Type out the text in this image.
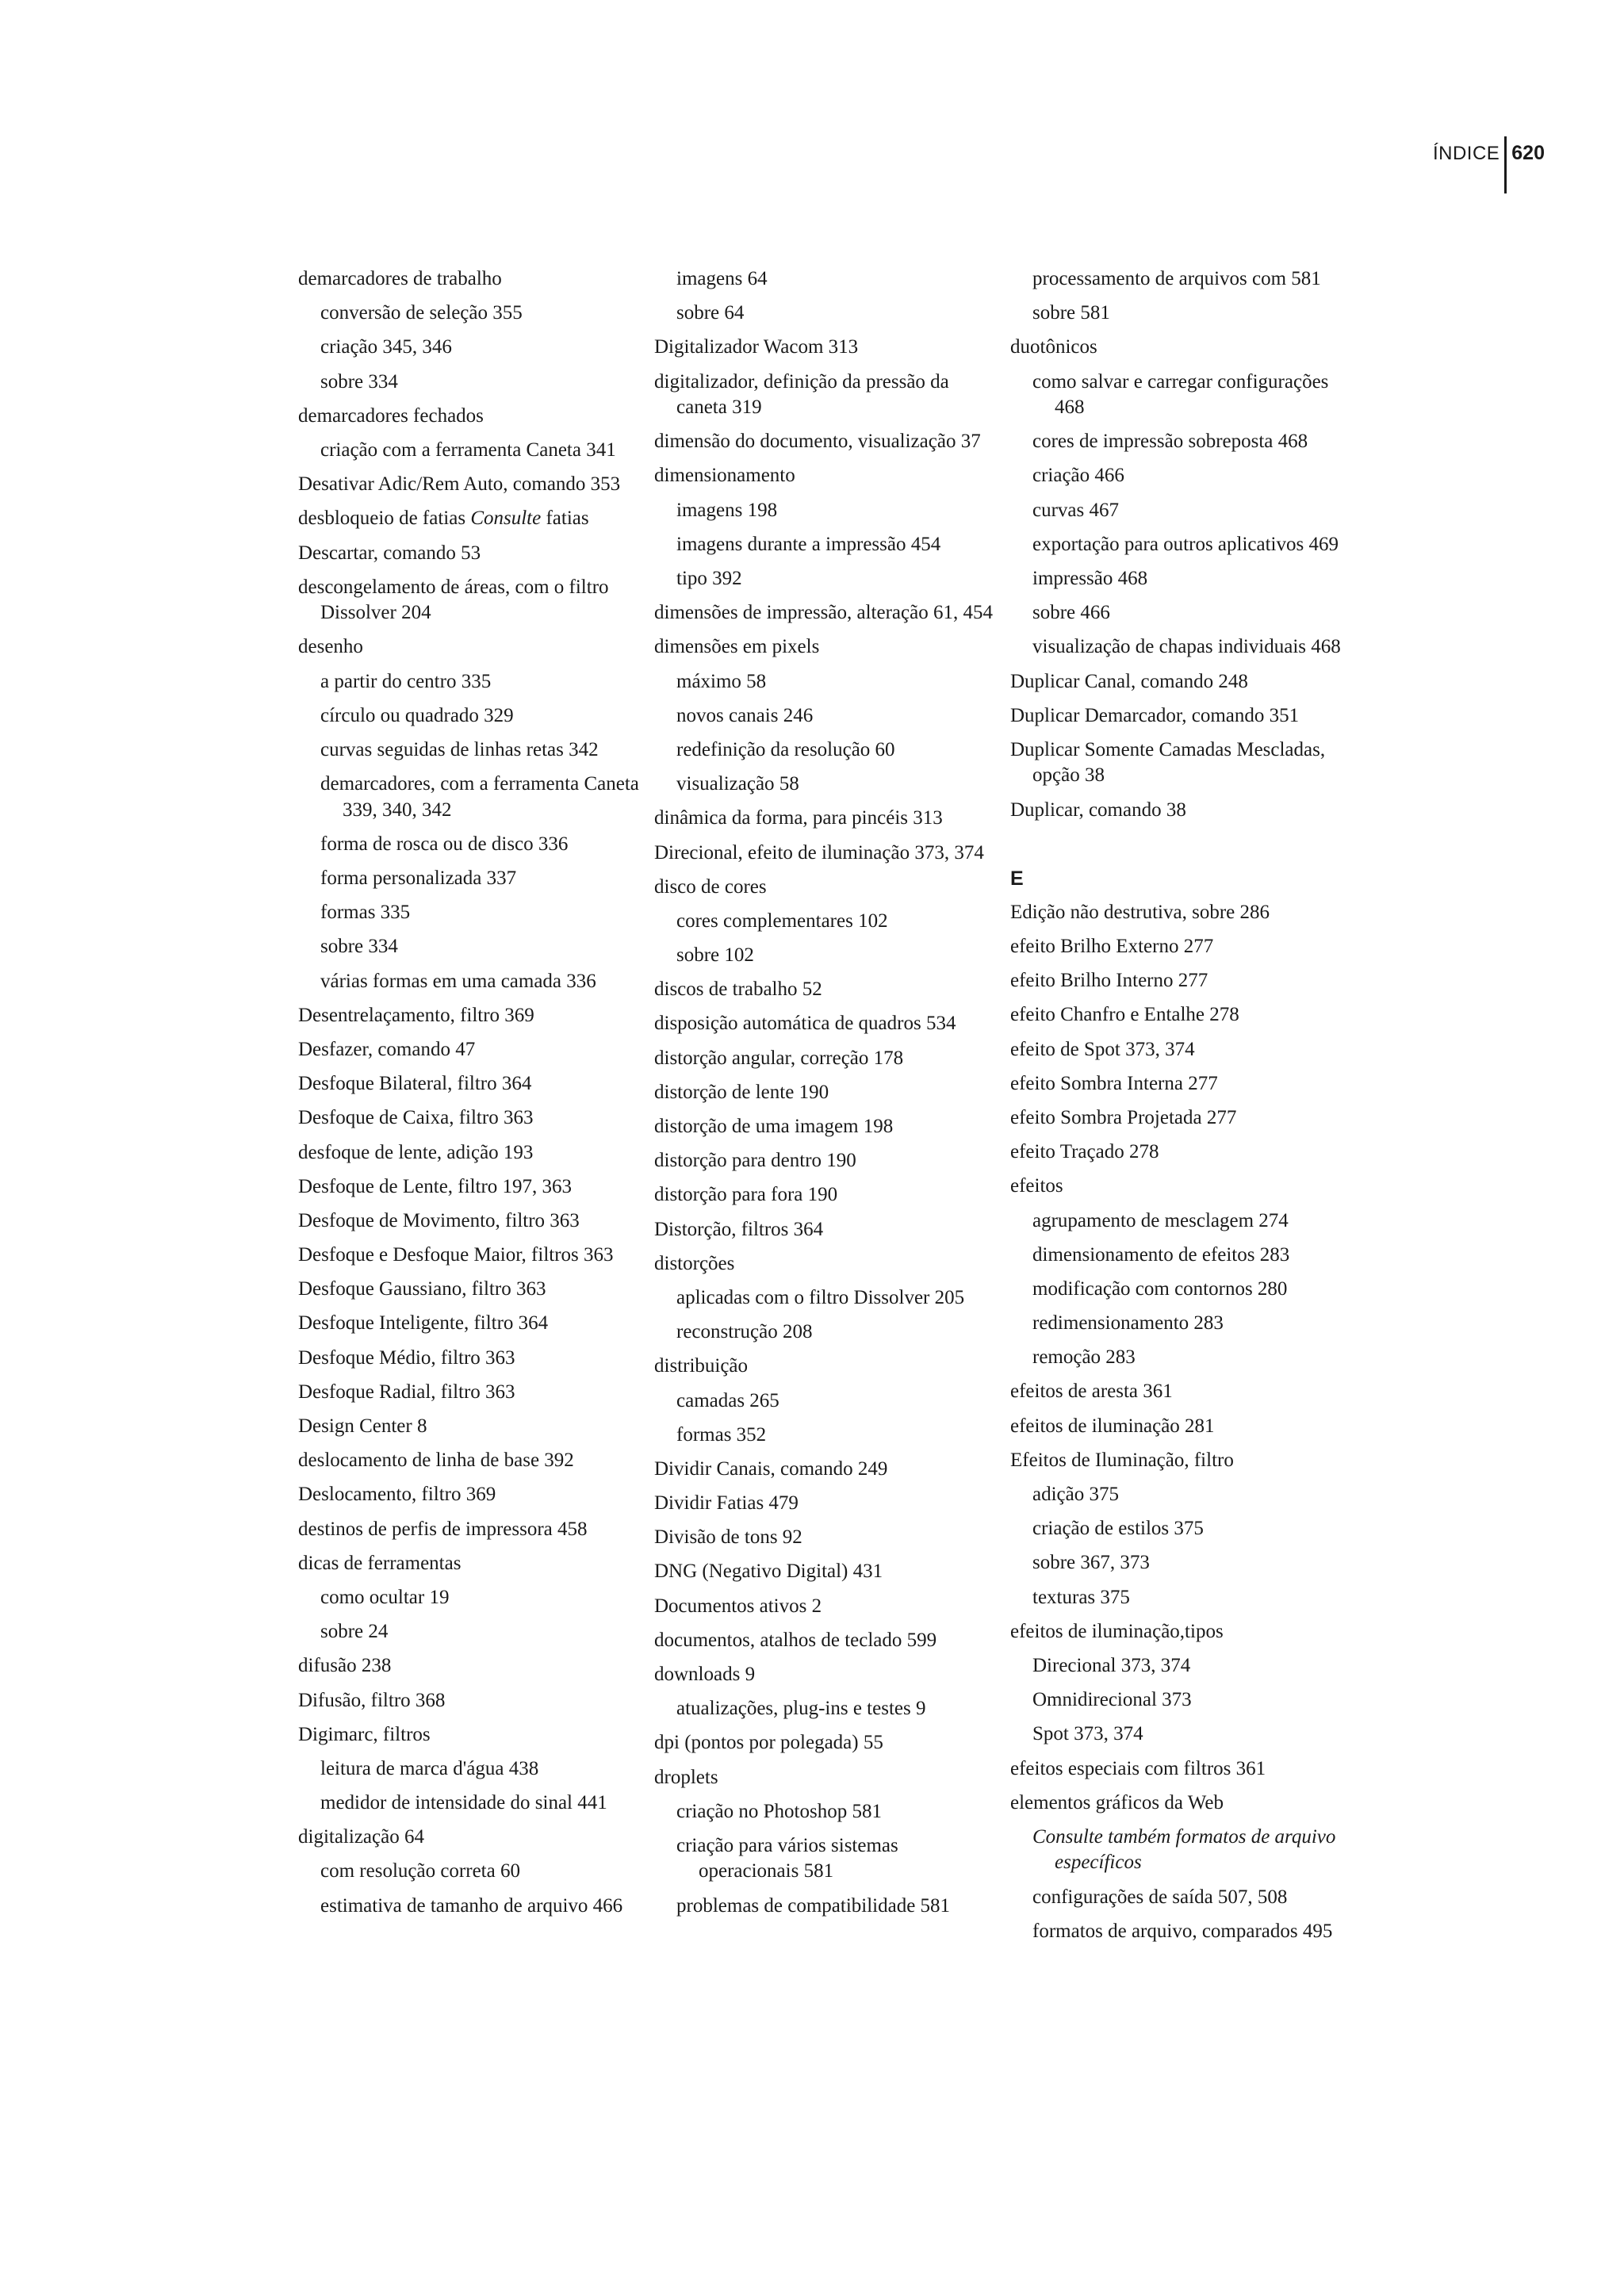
ÍNDICE 620
demarcadores de trabalho
conversão de seleção 355
criação 345, 346
sobre 334
demarcadores fechados
criação com a ferramenta Caneta 341
Desativar Adic/Rem Auto, comando 353
desbloqueio de fatias Consulte fatias
Descartar, comando 53
descongelamento de áreas, com o filtro Dissolver 204
desenho
a partir do centro 335
círculo ou quadrado 329
curvas seguidas de linhas retas 342
demarcadores, com a ferramenta Caneta 339, 340, 342
forma de rosca ou de disco 336
forma personalizada 337
formas 335
sobre 334
várias formas em uma camada 336
Desentrelaçamento, filtro 369
Desfazer, comando 47
Desfoque Bilateral, filtro 364
Desfoque de Caixa, filtro 363
desfoque de lente, adição 193
Desfoque de Lente, filtro 197, 363
Desfoque de Movimento, filtro 363
Desfoque e Desfoque Maior, filtros 363
Desfoque Gaussiano, filtro 363
Desfoque Inteligente, filtro 364
Desfoque Médio, filtro 363
Desfoque Radial, filtro 363
Design Center 8
deslocamento de linha de base 392
Deslocamento, filtro 369
destinos de perfis de impressora 458
dicas de ferramentas
como ocultar 19
sobre 24
difusão 238
Difusão, filtro 368
Digimarc, filtros
leitura de marca d'água 438
medidor de intensidade do sinal 441
digitalização 64
com resolução correta 60
estimativa de tamanho de arquivo 466
imagens 64
sobre 64
Digitalizador Wacom 313
digitalizador, definição da pressão da caneta 319
dimensão do documento, visualização 37
dimensionamento
imagens 198
imagens durante a impressão 454
tipo 392
dimensões de impressão, alteração 61, 454
dimensões em pixels
máximo 58
novos canais 246
redefinição da resolução 60
visualização 58
dinâmica da forma, para pincéis 313
Direcional, efeito de iluminação 373, 374
disco de cores
cores complementares 102
sobre 102
discos de trabalho 52
disposição automática de quadros 534
distorção angular, correção 178
distorção de lente 190
distorção de uma imagem 198
distorção para dentro 190
distorção para fora 190
Distorção, filtros 364
distorções
aplicadas com o filtro Dissolver 205
reconstrução 208
distribuição
camadas 265
formas 352
Dividir Canais, comando 249
Dividir Fatias 479
Divisão de tons 92
DNG (Negativo Digital) 431
Documentos ativos 2
documentos, atalhos de teclado 599
downloads 9
atualizações, plug-ins e testes 9
dpi (pontos por polegada) 55
droplets
criação no Photoshop 581
criação para vários sistemas operacionais 581
problemas de compatibilidade 581
processamento de arquivos com 581
sobre 581
duotônicos
como salvar e carregar configurações 468
cores de impressão sobreposta 468
criação 466
curvas 467
exportação para outros aplicativos 469
impressão 468
sobre 466
visualização de chapas individuais 468
Duplicar Canal, comando 248
Duplicar Demarcador, comando 351
Duplicar Somente Camadas Mescladas, opção 38
Duplicar, comando 38
E
Edição não destrutiva, sobre 286
efeito Brilho Externo 277
efeito Brilho Interno 277
efeito Chanfro e Entalhe 278
efeito de Spot 373, 374
efeito Sombra Interna 277
efeito Sombra Projetada 277
efeito Traçado 278
efeitos
agrupamento de mesclagem 274
dimensionamento de efeitos 283
modificação com contornos 280
redimensionamento 283
remoção 283
efeitos de aresta 361
efeitos de iluminação 281
Efeitos de Iluminação, filtro
adição 375
criação de estilos 375
sobre 367, 373
texturas 375
efeitos de iluminação,tipos
Direcional 373, 374
Omnidirecional 373
Spot 373, 374
efeitos especiais com filtros 361
elementos gráficos da Web
Consulte também formatos de arquivo específicos
configurações de saída 507, 508
formatos de arquivo, comparados 495
